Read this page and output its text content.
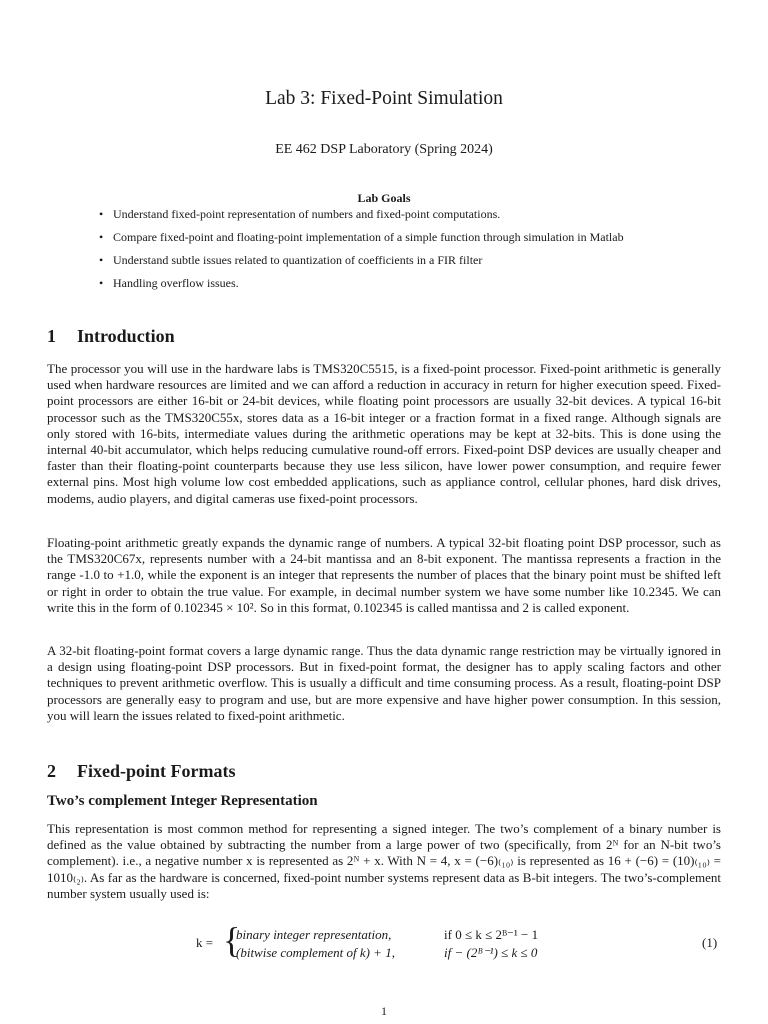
Lab 3: Fixed-Point Simulation
EE 462 DSP Laboratory (Spring 2024)
Lab Goals
• Understand fixed-point representation of numbers and fixed-point computations.
• Compare fixed-point and floating-point implementation of a simple function through simulation in Matlab
• Understand subtle issues related to quantization of coefficients in a FIR filter
• Handling overflow issues.
1 Introduction

The processor you will use in the hardware labs is TMS320C5515, is a fixed-point processor. Fixed-point arithmetic is generally used when hardware resources are limited and we can afford a reduction in accuracy in return for higher execution speed. Fixed-point processors are either 16-bit or 24-bit devices, while floating point processors are usually 32-bit devices. A typical 16-bit processor such as the TMS320C55x, stores data as a 16-bit integer or a fraction format in a fixed range. Although signals are only stored with 16-bits, intermediate values during the arithmetic operations may be kept at 32-bits. This is done using the internal 40-bit accumulator, which helps reducing cumulative round-off errors. Fixed-point DSP devices are usually cheaper and faster than their floating-point counterparts because they use less silicon, have lower power consumption, and require fewer external pins. Most high volume low cost embedded applications, such as appliance control, cellular phones, hard disk drives, modems, audio players, and digital cameras use fixed-point processors.

Floating-point arithmetic greatly expands the dynamic range of numbers. A typical 32-bit floating point DSP processor, such as the TMS320C67x, represents number with a 24-bit mantissa and an 8-bit exponent. The mantissa represents a fraction in the range -1.0 to +1.0, while the exponent is an integer that represents the number of places that the binary point must be shifted left or right in order to obtain the true value. For example, in decimal number system we have some number like 10.2345. We can write this in the form of 0.102345 × 10². So in this format, 0.102345 is called mantissa and 2 is called exponent.

A 32-bit floating-point format covers a large dynamic range. Thus the data dynamic range restriction may be virtually ignored in a design using floating-point DSP processors. But in fixed-point format, the designer has to apply scaling factors and other techniques to prevent arithmetic overflow. This is usually a difficult and time consuming process. As a result, floating-point DSP processors are generally easy to program and use, but are more expensive and have higher power consumption. In this session, you will learn the issues related to fixed-point arithmetic.

2 Fixed-point Formats
Two’s complement Integer Representation

This representation is most common method for representing a signed integer. The two’s complement of a binary number is defined as the value obtained by subtracting the number from a large power of two (specifically, from 2ᴺ for an N-bit two’s complement). i.e., a negative number x is represented as 2ᴺ + x. With N = 4, x = (−6)₍₁₀₎ is represented as 16 + (−6) = (10)₍₁₀₎ = 1010₍₂₎. As far as the hardware is concerned, fixed-point number systems represent data as B-bit integers. The two’s-complement number system usually used is:

k = {
binary integer representation,	if 0 ≤ k ≤ 2ᴮ⁻¹ − 1
(bitwise complement of k) + 1,	if − (2ᴮ⁻¹) ≤ k ≤ 0
(1)
1
